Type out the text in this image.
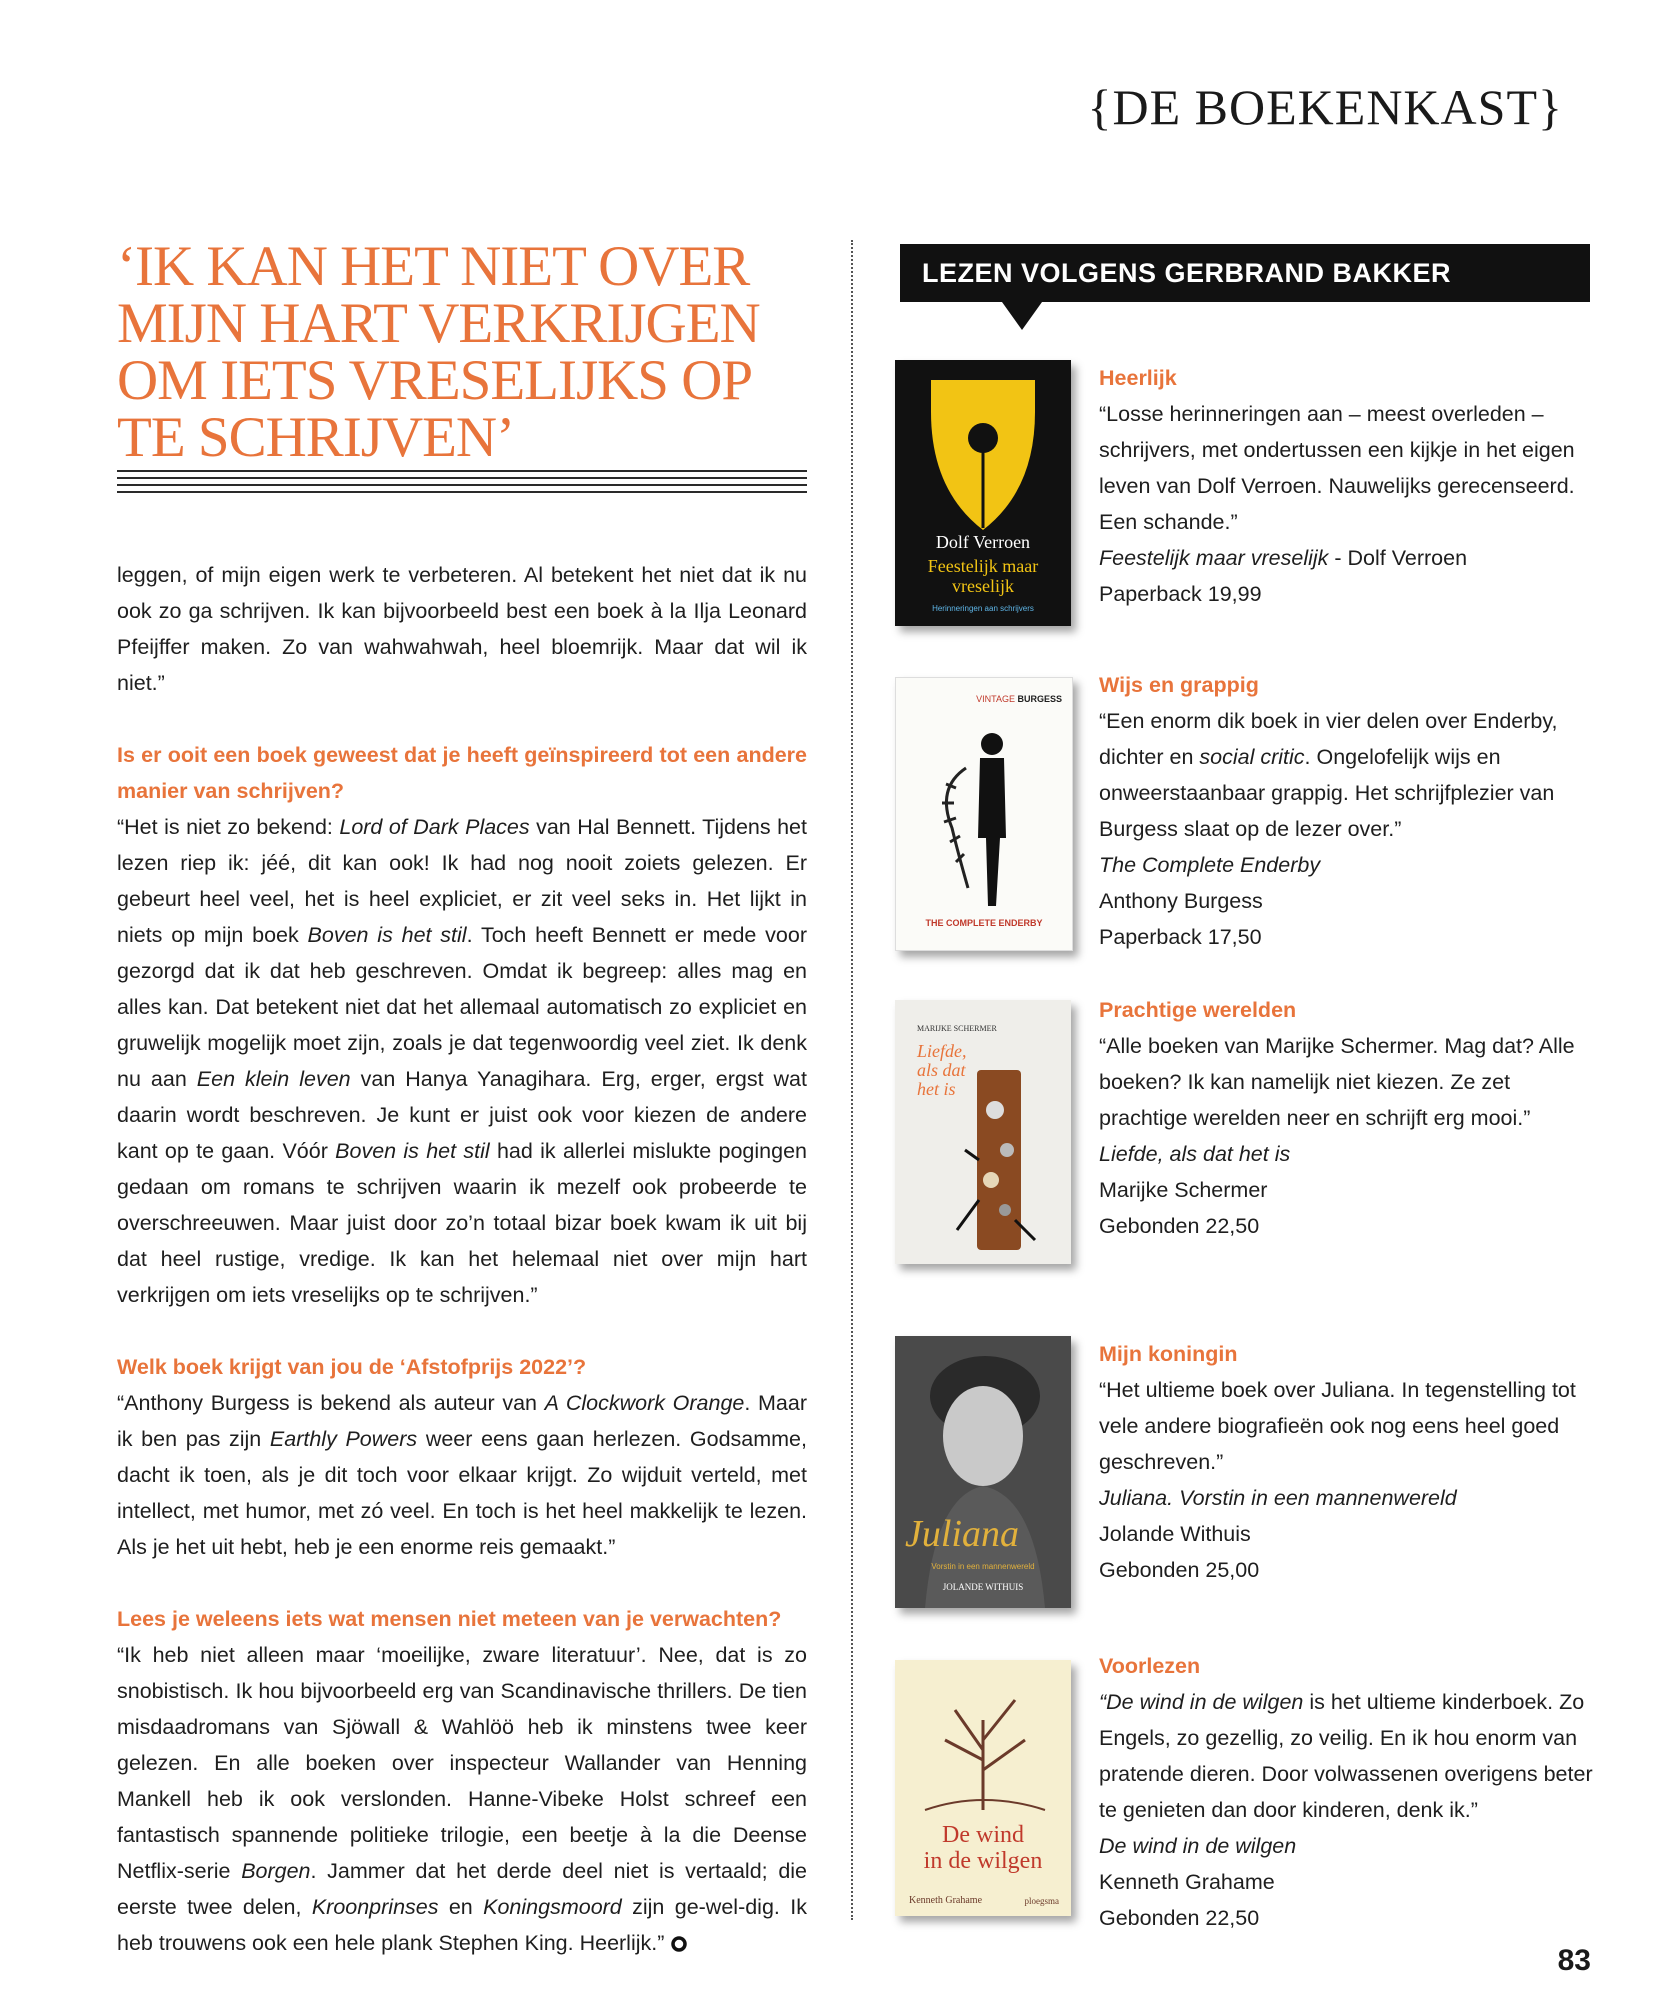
{DE BOEKENKAST}
‘IK KAN HET NIET OVER MIJN HART VERKRIJGEN OM IETS VRESELIJKS OP TE SCHRIJVEN’

leggen, of mijn eigen werk te verbeteren. Al betekent het niet dat ik nu ook zo ga schrijven. Ik kan bijvoorbeeld best een boek à la Ilja Leonard Pfeijffer maken. Zo van wahwahwah, heel bloemrijk. Maar dat wil ik niet.”

Is er ooit een boek geweest dat je heeft geïnspireerd tot een andere manier van schrijven?

“Het is niet zo bekend: Lord of Dark Places van Hal Bennett. Tijdens het lezen riep ik: jéé, dit kan ook! Ik had nog nooit zoiets gelezen. Er gebeurt heel veel, het is heel expliciet, er zit veel seks in. Het lijkt in niets op mijn boek Boven is het stil. Toch heeft Bennett er mede voor gezorgd dat ik dat heb geschreven. Omdat ik begreep: alles mag en alles kan. Dat betekent niet dat het allemaal automatisch zo expliciet en gruwelijk mogelijk moet zijn, zoals je dat tegenwoordig veel ziet. Ik denk nu aan Een klein leven van Hanya Yanagihara. Erg, erger, ergst wat daarin wordt beschreven. Je kunt er juist ook voor kiezen de andere kant op te gaan. Vóór Boven is het stil had ik allerlei mislukte pogingen gedaan om romans te schrijven waarin ik mezelf ook probeerde te overschreeuwen. Maar juist door zo’n totaal bizar boek kwam ik uit bij dat heel rustige, vredige. Ik kan het helemaal niet over mijn hart verkrijgen om iets vreselijks op te schrijven.”

Welk boek krijgt van jou de ‘Afstofprijs 2022’?

“Anthony Burgess is bekend als auteur van A Clockwork Orange. Maar ik ben pas zijn Earthly Powers weer eens gaan herlezen. Godsamme, dacht ik toen, als je dit toch voor elkaar krijgt. Zo wijduit verteld, met intellect, met humor, met zó veel. En toch is het heel makkelijk te lezen. Als je het uit hebt, heb je een enorme reis gemaakt.”

Lees je weleens iets wat mensen niet meteen van je verwachten?

“Ik heb niet alleen maar ‘moeilijke, zware literatuur’. Nee, dat is zo snobistisch. Ik hou bijvoorbeeld erg van Scandinavische thrillers. De tien misdaadromans van Sjöwall & Wahlöö heb ik minstens twee keer gelezen. En alle boeken over inspecteur Wallander van Henning Mankell heb ik ook verslonden. Hanne-Vibeke Holst schreef een fantastisch spannende politieke trilogie, een beetje à la die Deense Netflix-serie Borgen. Jammer dat het derde deel niet is vertaald; die eerste twee delen, Kroonprinses en Koningsmoord zijn ge-wel-dig. Ik heb trouwens ook een hele plank Stephen King. Heerlijk.”

LEZEN VOLGENS GERBRAND BAKKER
Dolf Verroen
Feestelijk maar
vreselijk
Herinneringen aan schrijvers

Heerlijk

“Losse herinneringen aan – meest overleden – schrijvers, met ondertussen een kijkje in het eigen leven van Dolf Verroen. Nauwelijks gerecenseerd. Een schande.”

Feestelijk maar vreselijk - Dolf Verroen

Paperback 19,99

VINTAGE BURGESS
THE COMPLETE ENDERBY

Wijs en grappig

“Een enorm dik boek in vier delen over Enderby, dichter en social critic. Ongelofelijk wijs en onweerstaanbaar grappig. Het schrijfplezier van Burgess slaat op de lezer over.”

The Complete Enderby

Anthony Burgess

Paperback 17,50

MARIJKE SCHERMER
Liefde,
als dat
het is

Prachtige werelden

“Alle boeken van Marijke Schermer. Mag dat? Alle boeken? Ik kan namelijk niet kiezen. Ze zet prachtige werelden neer en schrijft erg mooi.”

Liefde, als dat het is

Marijke Schermer

Gebonden 22,50

Juliana
Vorstin in een mannenwereld
JOLANDE WITHUIS

Mijn koningin

“Het ultieme boek over Juliana. In tegenstelling tot vele andere biografieën ook nog eens heel goed geschreven.”

Juliana. Vorstin in een mannenwereld

Jolande Withuis

Gebonden 25,00

De wind
in de wilgen
Kenneth Grahame	ploegsma

Voorlezen

“De wind in de wilgen is het ultieme kinderboek. Zo Engels, zo gezellig, zo veilig. En ik hou enorm van pratende dieren. Door volwassenen overigens beter te genieten dan door kinderen, denk ik.”

De wind in de wilgen

Kenneth Grahame

Gebonden 22,50

83
